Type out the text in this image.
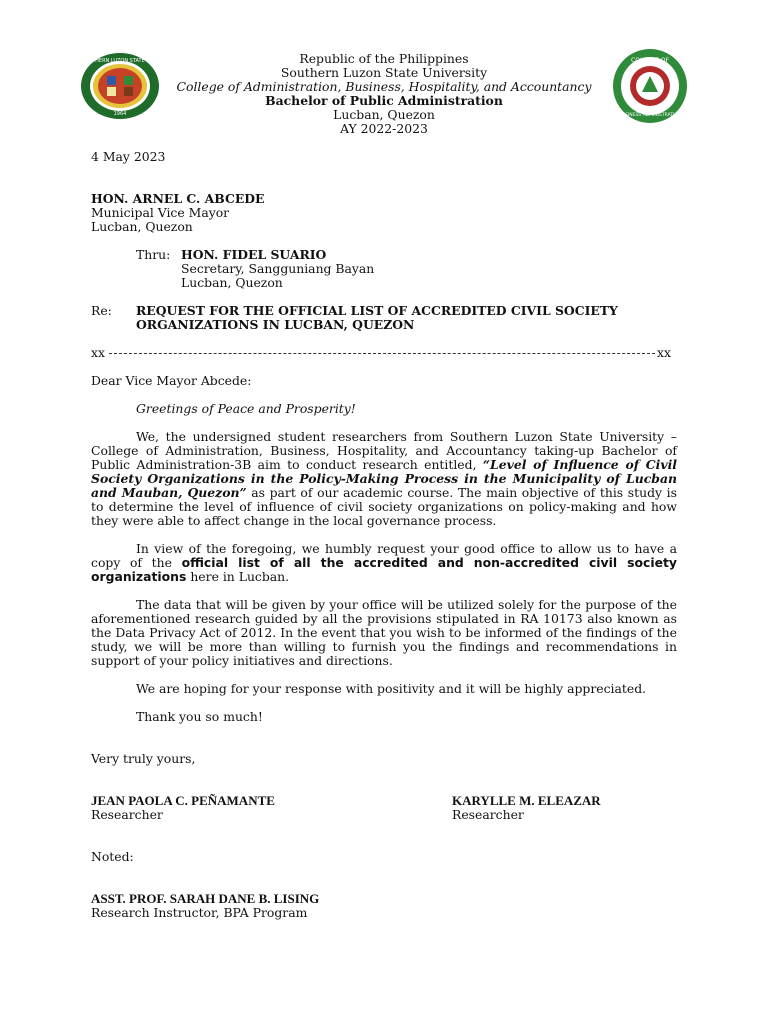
SOUTHERN LUZON STATE UNIV
1964
COLLEGE OF
BUSINESS ADMINISTRATION
Republic of the Philippines
Southern Luzon State University
College of Administration, Business, Hospitality, and Accountancy
Bachelor of Public Administration
Lucban, Quezon
AY 2022-2023
4 May 2023
HON. ARNEL C. ABCEDE
Municipal Vice Mayor
Lucban, Quezon
Thru: HON. FIDEL SUARIO
Secretary, Sangguniang Bayan
Lucban, Quezon
Re: REQUEST FOR THE OFFICIAL LIST OF ACCREDITED CIVIL SOCIETY
ORGANIZATIONS IN LUCBAN, QUEZON
xx	xx
Dear Vice Mayor Abcede:
Greetings of Peace and Prosperity!
We, the undersigned student researchers from Southern Luzon State University – College of Administration, Business, Hospitality, and Accountancy taking-up Bachelor of Public Administration-3B aim to conduct research entitled, “Level of Influence of Civil Society Organizations in the Policy-Making Process in the Municipality of Lucban and Mauban, Quezon” as part of our academic course. The main objective of this study is to determine the level of influence of civil society organizations on policy-making and how they were able to affect change in the local governance process.
In view of the foregoing, we humbly request your good office to allow us to have a copy of the official list of all the accredited and non-accredited civil society organizations here in Lucban.
The data that will be given by your office will be utilized solely for the purpose of the aforementioned research guided by all the provisions stipulated in RA 10173 also known as the Data Privacy Act of 2012. In the event that you wish to be informed of the findings of the study, we will be more than willing to furnish you the findings and recommendations in support of your policy initiatives and directions.
We are hoping for your response with positivity and it will be highly appreciated.
Thank you so much!
Very truly yours,
JEAN PAOLA C. PEÑAMANTE
Researcher
KARYLLE M. ELEAZAR
Researcher
Noted:
ASST. PROF. SARAH DANE B. LISING
Research Instructor, BPA Program
